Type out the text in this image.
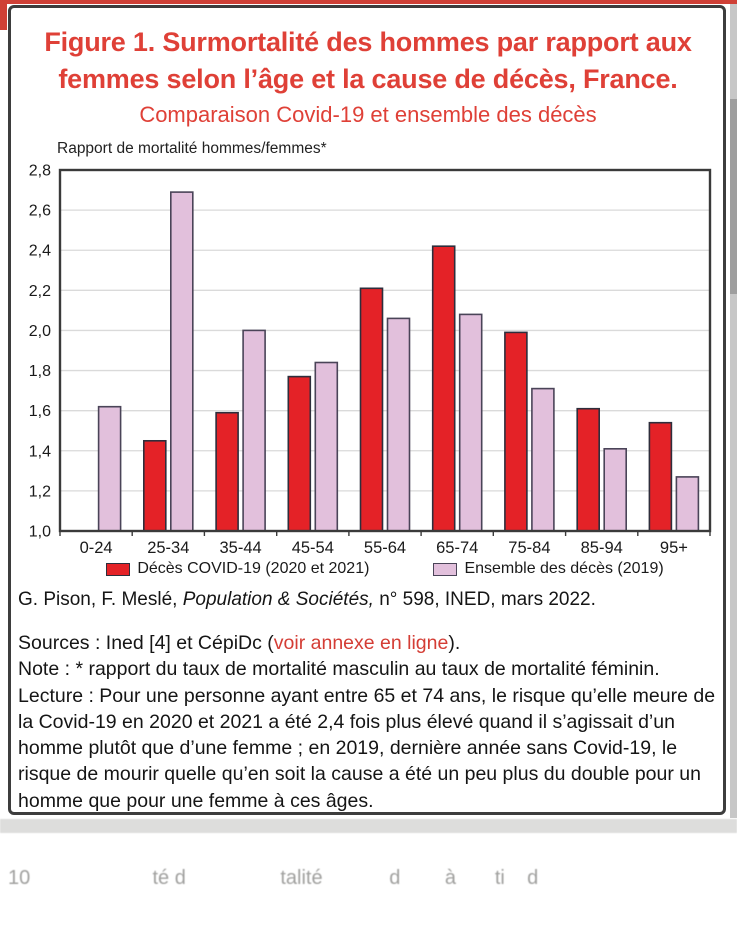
Figure 1. Surmortalité des hommes par rapport aux
femmes selon l’âge et la cause de décès, France.
Comparaison Covid-19 et ensemble des décès
Rapport de mortalité hommes/femmes*
1,0
1,2
1,4
1,6
1,8
2,0
2,2
2,4
2,6
2,8
0-24 25-34 35-44 45-54 55-64 65-74 75-84 85-94 95+
Décès COVID-19 (2020 et 2021)	Ensemble des décès (2019)
G. Pison, F. Meslé, Population & Sociétés, n° 598, INED, mars 2022.
Sources : Ined [4] et CépiDc (voir annexe en ligne).
Note : * rapport du taux de mortalité masculin au taux de mortalité féminin.
Lecture : Pour une personne ayant entre 65 et 74 ans, le risque qu’elle meure de la Covid-19 en 2020 et 2021 a été 2,4 fois plus élevé quand il s’agissait d’un homme plutôt que d’une femme ; en 2019, dernière année sans Covid-19, le risque de mourir quelle qu’en soit la cause a été un peu plus du double pour un homme que pour une femme à ces âges.

10                      té d                 talité            d        à       ti    d
